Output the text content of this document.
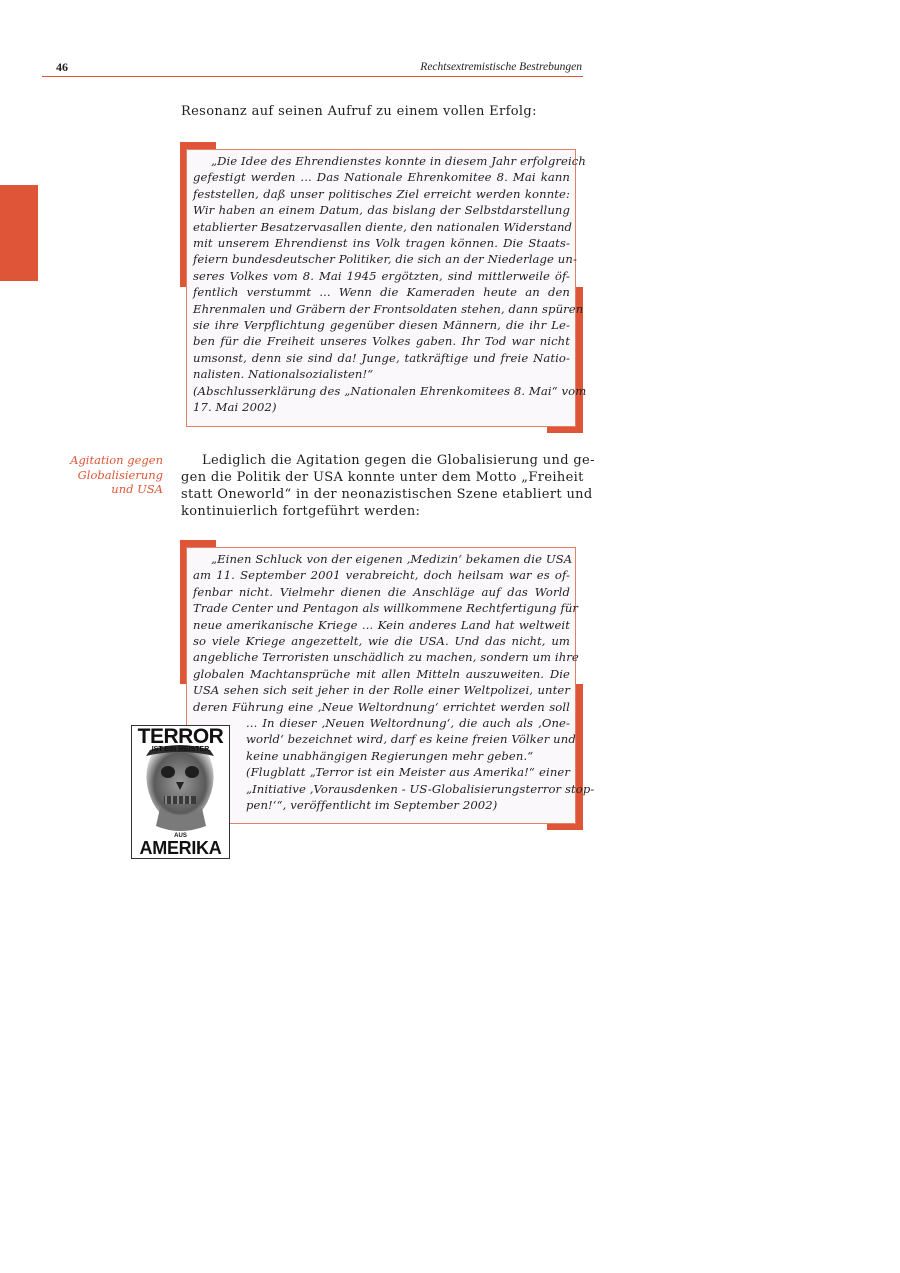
46	Rechtsextremistische Bestrebungen

Resonanz auf seinen Aufruf zu einem vollen Erfolg:

„Die Idee des Ehrendienstes konnte in diesem Jahr erfolgreich
gefestigt werden ... Das Nationale Ehrenkomitee 8. Mai kann
feststellen, daß unser politisches Ziel erreicht werden konnte:
Wir haben an einem Datum, das bislang der Selbstdarstellung
etablierter Besatzervasallen diente, den nationalen Widerstand
mit unserem Ehrendienst ins Volk tragen können. Die Staats-
feiern bundesdeutscher Politiker, die sich an der Niederlage un-
seres Volkes vom 8. Mai 1945 ergötzten, sind mittlerweile öf-
fentlich verstummt ... Wenn die Kameraden heute an den
Ehrenmalen und Gräbern der Frontsoldaten stehen, dann spüren
sie ihre Verpflichtung gegenüber diesen Männern, die ihr Le-
ben für die Freiheit unseres Volkes gaben. Ihr Tod war nicht
umsonst, denn sie sind da! Junge, tatkräftige und freie Natio-
nalisten. Nationalsozialisten!“
(Abschlusserklärung des „Nationalen Ehrenkomitees 8. Mai“ vom
17. Mai 2002)
Agitation gegen
Globalisierung
und USA

Lediglich die Agitation gegen die Globalisierung und ge-
gen die Politik der USA konnte unter dem Motto „Freiheit
statt Oneworld“ in der neonazistischen Szene etabliert und
kontinuierlich fortgeführt werden:

„Einen Schluck von der eigenen ‚Medizin‘ bekamen die USA
am 11. September 2001 verabreicht, doch heilsam war es of-
fenbar nicht. Vielmehr dienen die Anschläge auf das World
Trade Center und Pentagon als willkommene Rechtfertigung für
neue amerikanische Kriege ... Kein anderes Land hat weltweit
so viele Kriege angezettelt, wie die USA. Und das nicht, um
angebliche Terroristen unschädlich zu machen, sondern um ihre
globalen Machtansprüche mit allen Mitteln auszuweiten. Die
USA sehen sich seit jeher in der Rolle einer Weltpolizei, unter
deren Führung eine ‚Neue Weltordnung‘ errichtet werden soll
... In dieser ‚Neuen Weltordnung‘, die auch als ‚One-
world‘ bezeichnet wird, darf es keine freien Völker und
keine unabhängigen Regierungen mehr geben.“
(Flugblatt „Terror ist ein Meister aus Amerika!“ einer
„Initiative ‚Vorausdenken - US-Globalisierungsterror stop-
pen!‘“, veröffentlicht im September 2002)
TERROR
IST EIN MEISTER
AUS
AMERIKA
